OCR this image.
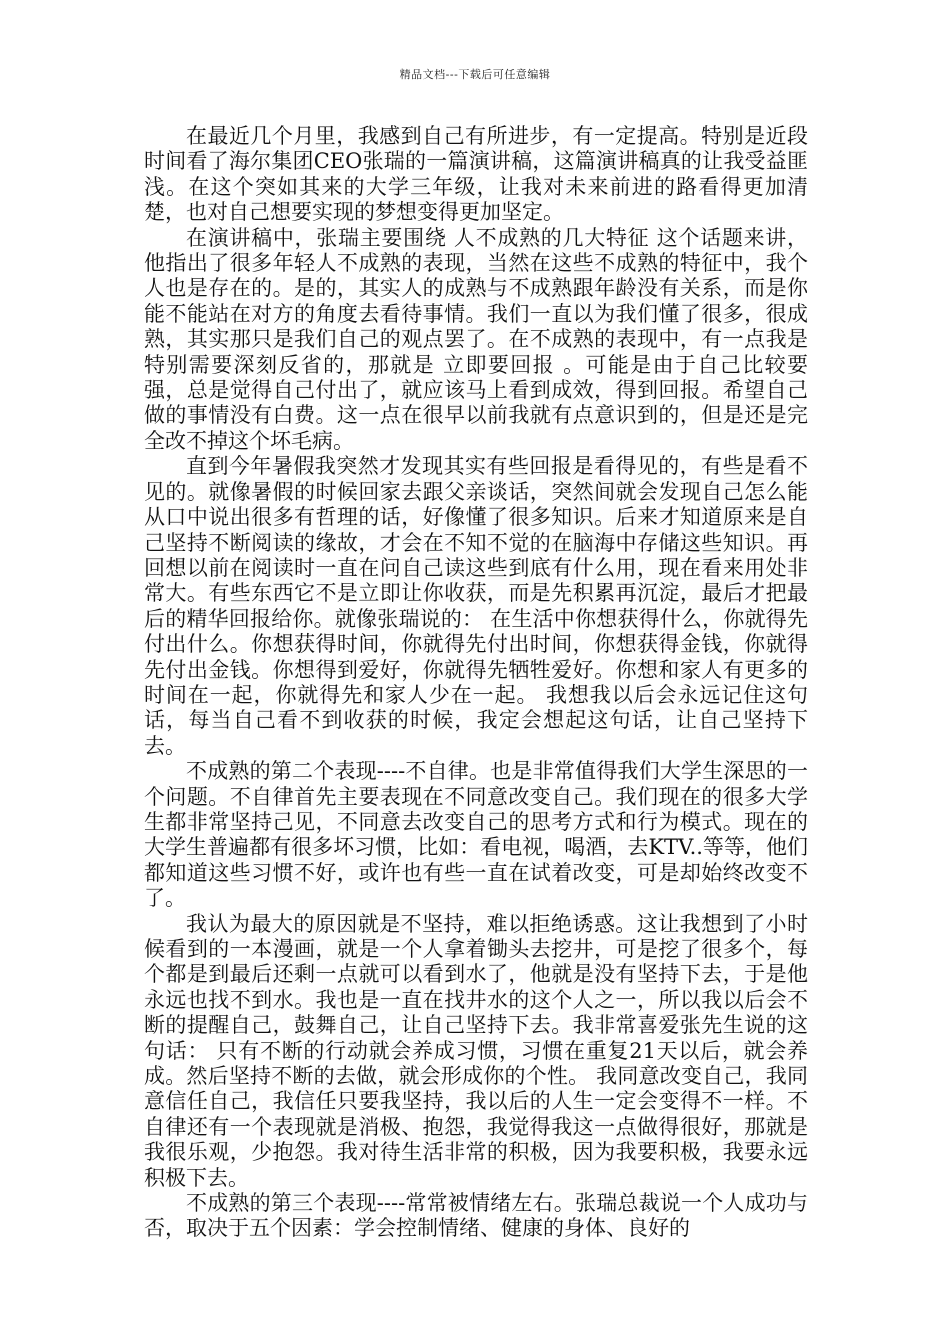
精品文档---下载后可任意编辑

在最近几个月里，我感到自己有所进步，有一定提高。特别是近段时间看了海尔集团CEO张瑞的一篇演讲稿，这篇演讲稿真的让我受益匪浅。在这个突如其来的大学三年级，让我对未来前进的路看得更加清楚，也对自己想要实现的梦想变得更加坚定。

在演讲稿中，张瑞主要围绕 人不成熟的几大特征 这个话题来讲，他指出了很多年轻人不成熟的表现，当然在这些不成熟的特征中，我个人也是存在的。是的，其实人的成熟与不成熟跟年龄没有关系，而是你能不能站在对方的角度去看待事情。我们一直以为我们懂了很多，很成熟，其实那只是我们自己的观点罢了。在不成熟的表现中，有一点我是特别需要深刻反省的，那就是 立即要回报 。可能是由于自己比较要强，总是觉得自己付出了，就应该马上看到成效，得到回报。希望自己做的事情没有白费。这一点在很早以前我就有点意识到的，但是还是完全改不掉这个坏毛病。

直到今年暑假我突然才发现其实有些回报是看得见的，有些是看不见的。就像暑假的时候回家去跟父亲谈话，突然间就会发现自己怎么能从口中说出很多有哲理的话，好像懂了很多知识。后来才知道原来是自己坚持不断阅读的缘故，才会在不知不觉的在脑海中存储这些知识。再回想以前在阅读时一直在问自己读这些到底有什么用，现在看来用处非常大。有些东西它不是立即让你收获，而是先积累再沉淀，最后才把最后的精华回报给你。就像张瑞说的： 在生活中你想获得什么，你就得先付出什么。你想获得时间，你就得先付出时间，你想获得金钱，你就得先付出金钱。你想得到爱好，你就得先牺牲爱好。你想和家人有更多的时间在一起，你就得先和家人少在一起。 我想我以后会永远记住这句话，每当自己看不到收获的时候，我定会想起这句话，让自己坚持下去。

不成熟的第二个表现----不自律。也是非常值得我们大学生深思的一个问题。不自律首先主要表现在不同意改变自己。我们现在的很多大学生都非常坚持己见，不同意去改变自己的思考方式和行为模式。现在的大学生普遍都有很多坏习惯，比如：看电视，喝酒，去KTV..等等，他们都知道这些习惯不好，或许也有些一直在试着改变，可是却始终改变不了。

我认为最大的原因就是不坚持，难以拒绝诱惑。这让我想到了小时候看到的一本漫画，就是一个人拿着锄头去挖井，可是挖了很多个，每个都是到最后还剩一点就可以看到水了，他就是没有坚持下去，于是他永远也找不到水。我也是一直在找井水的这个人之一，所以我以后会不断的提醒自己，鼓舞自己，让自己坚持下去。我非常喜爱张先生说的这句话： 只有不断的行动就会养成习惯，习惯在重复21天以后，就会养成。然后坚持不断的去做，就会形成你的个性。 我同意改变自己，我同意信任自己，我信任只要我坚持，我以后的人生一定会变得不一样。不自律还有一个表现就是消极、抱怨，我觉得我这一点做得很好，那就是我很乐观，少抱怨。我对待生活非常的积极，因为我要积极，我要永远积极下去。

不成熟的第三个表现----常常被情绪左右。张瑞总裁说一个人成功与否，取决于五个因素：学会控制情绪、健康的身体、良好的
